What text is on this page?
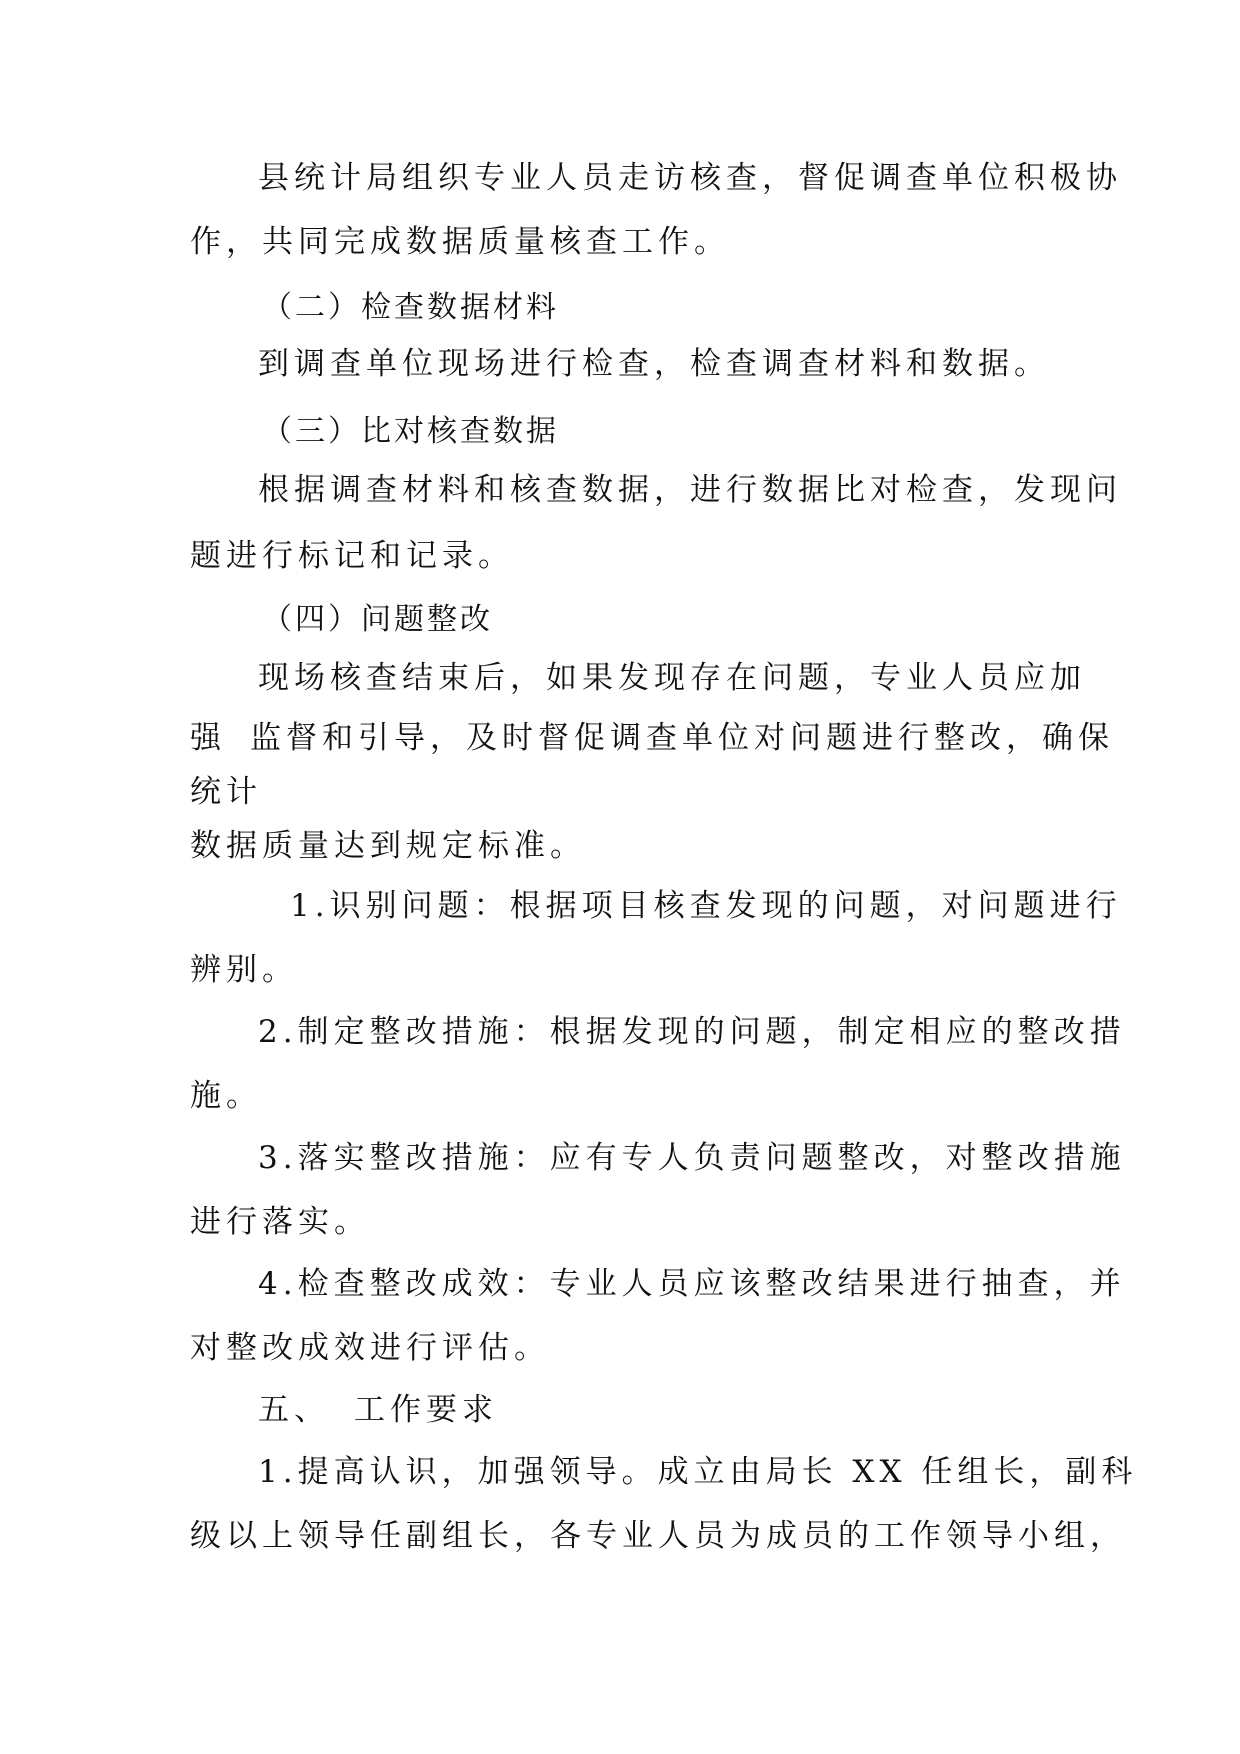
县统计局组织专业人员走访核查，督促调查单位积极协
作，共同完成数据质量核查工作。
（二）检查数据材料
到调查单位现场进行检查，检查调查材料和数据。
（三）比对核查数据
根据调查材料和核查数据，进行数据比对检查，发现问
题进行标记和记录。
（四）问题整改
现场核查结束后，如果发现存在问题，专业人员应加
强 监督和引导，及时督促调查单位对问题进行整改，确保
统计
数据质量达到规定标准。
1.识别问题：根据项目核查发现的问题，对问题进行
辨别。
2.制定整改措施：根据发现的问题，制定相应的整改措
施。
3.落实整改措施：应有专人负责问题整改，对整改措施
进行落实。
4.检查整改成效：专业人员应该整改结果进行抽查，并
对整改成效进行评估。
五、 工作要求
1.提高认识，加强领导。成立由局长 XX 任组长，副科
级以上领导任副组长，各专业人员为成员的工作领导小组，
